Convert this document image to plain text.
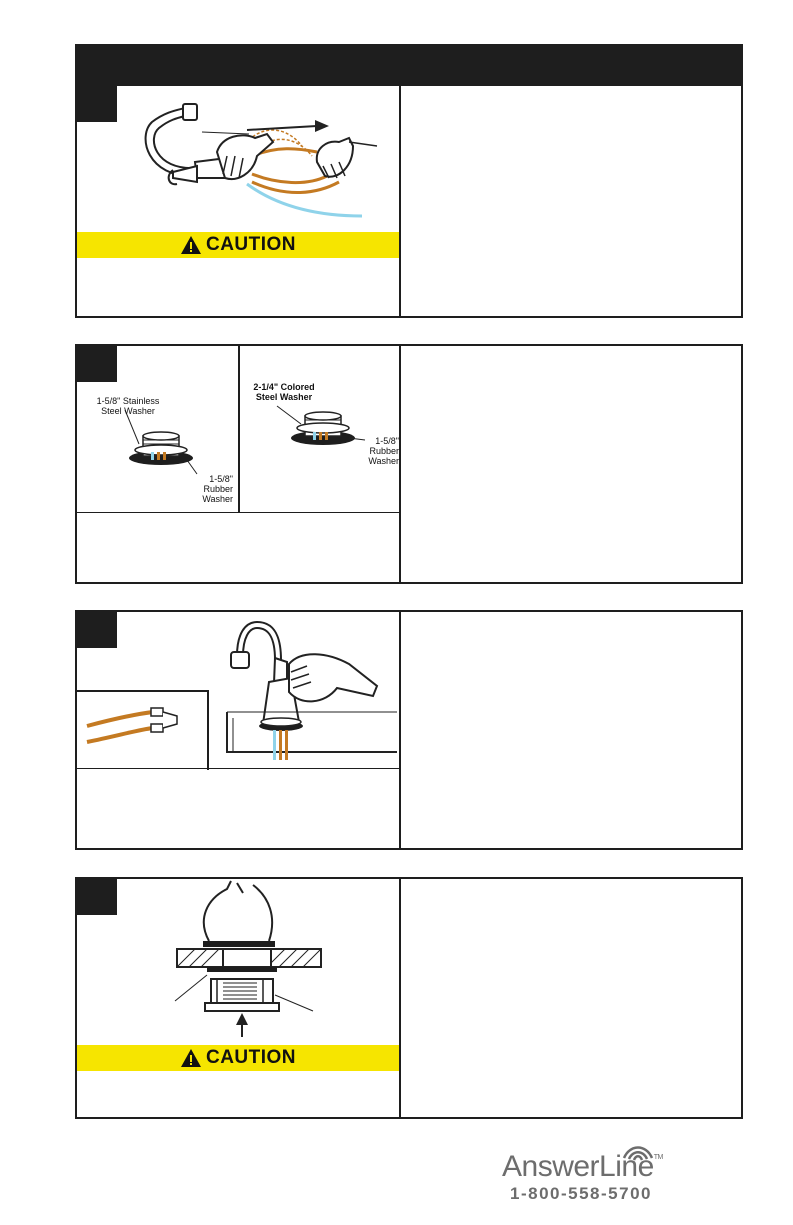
CAUTION
1-5/8" Stainless
Steel Washer
1-5/8"
Rubber
Washer
2-1/4" Colored
Steel Washer
1-5/8"
Rubber
Washer
CAUTION
AnswerLine™
1-800-558-5700
